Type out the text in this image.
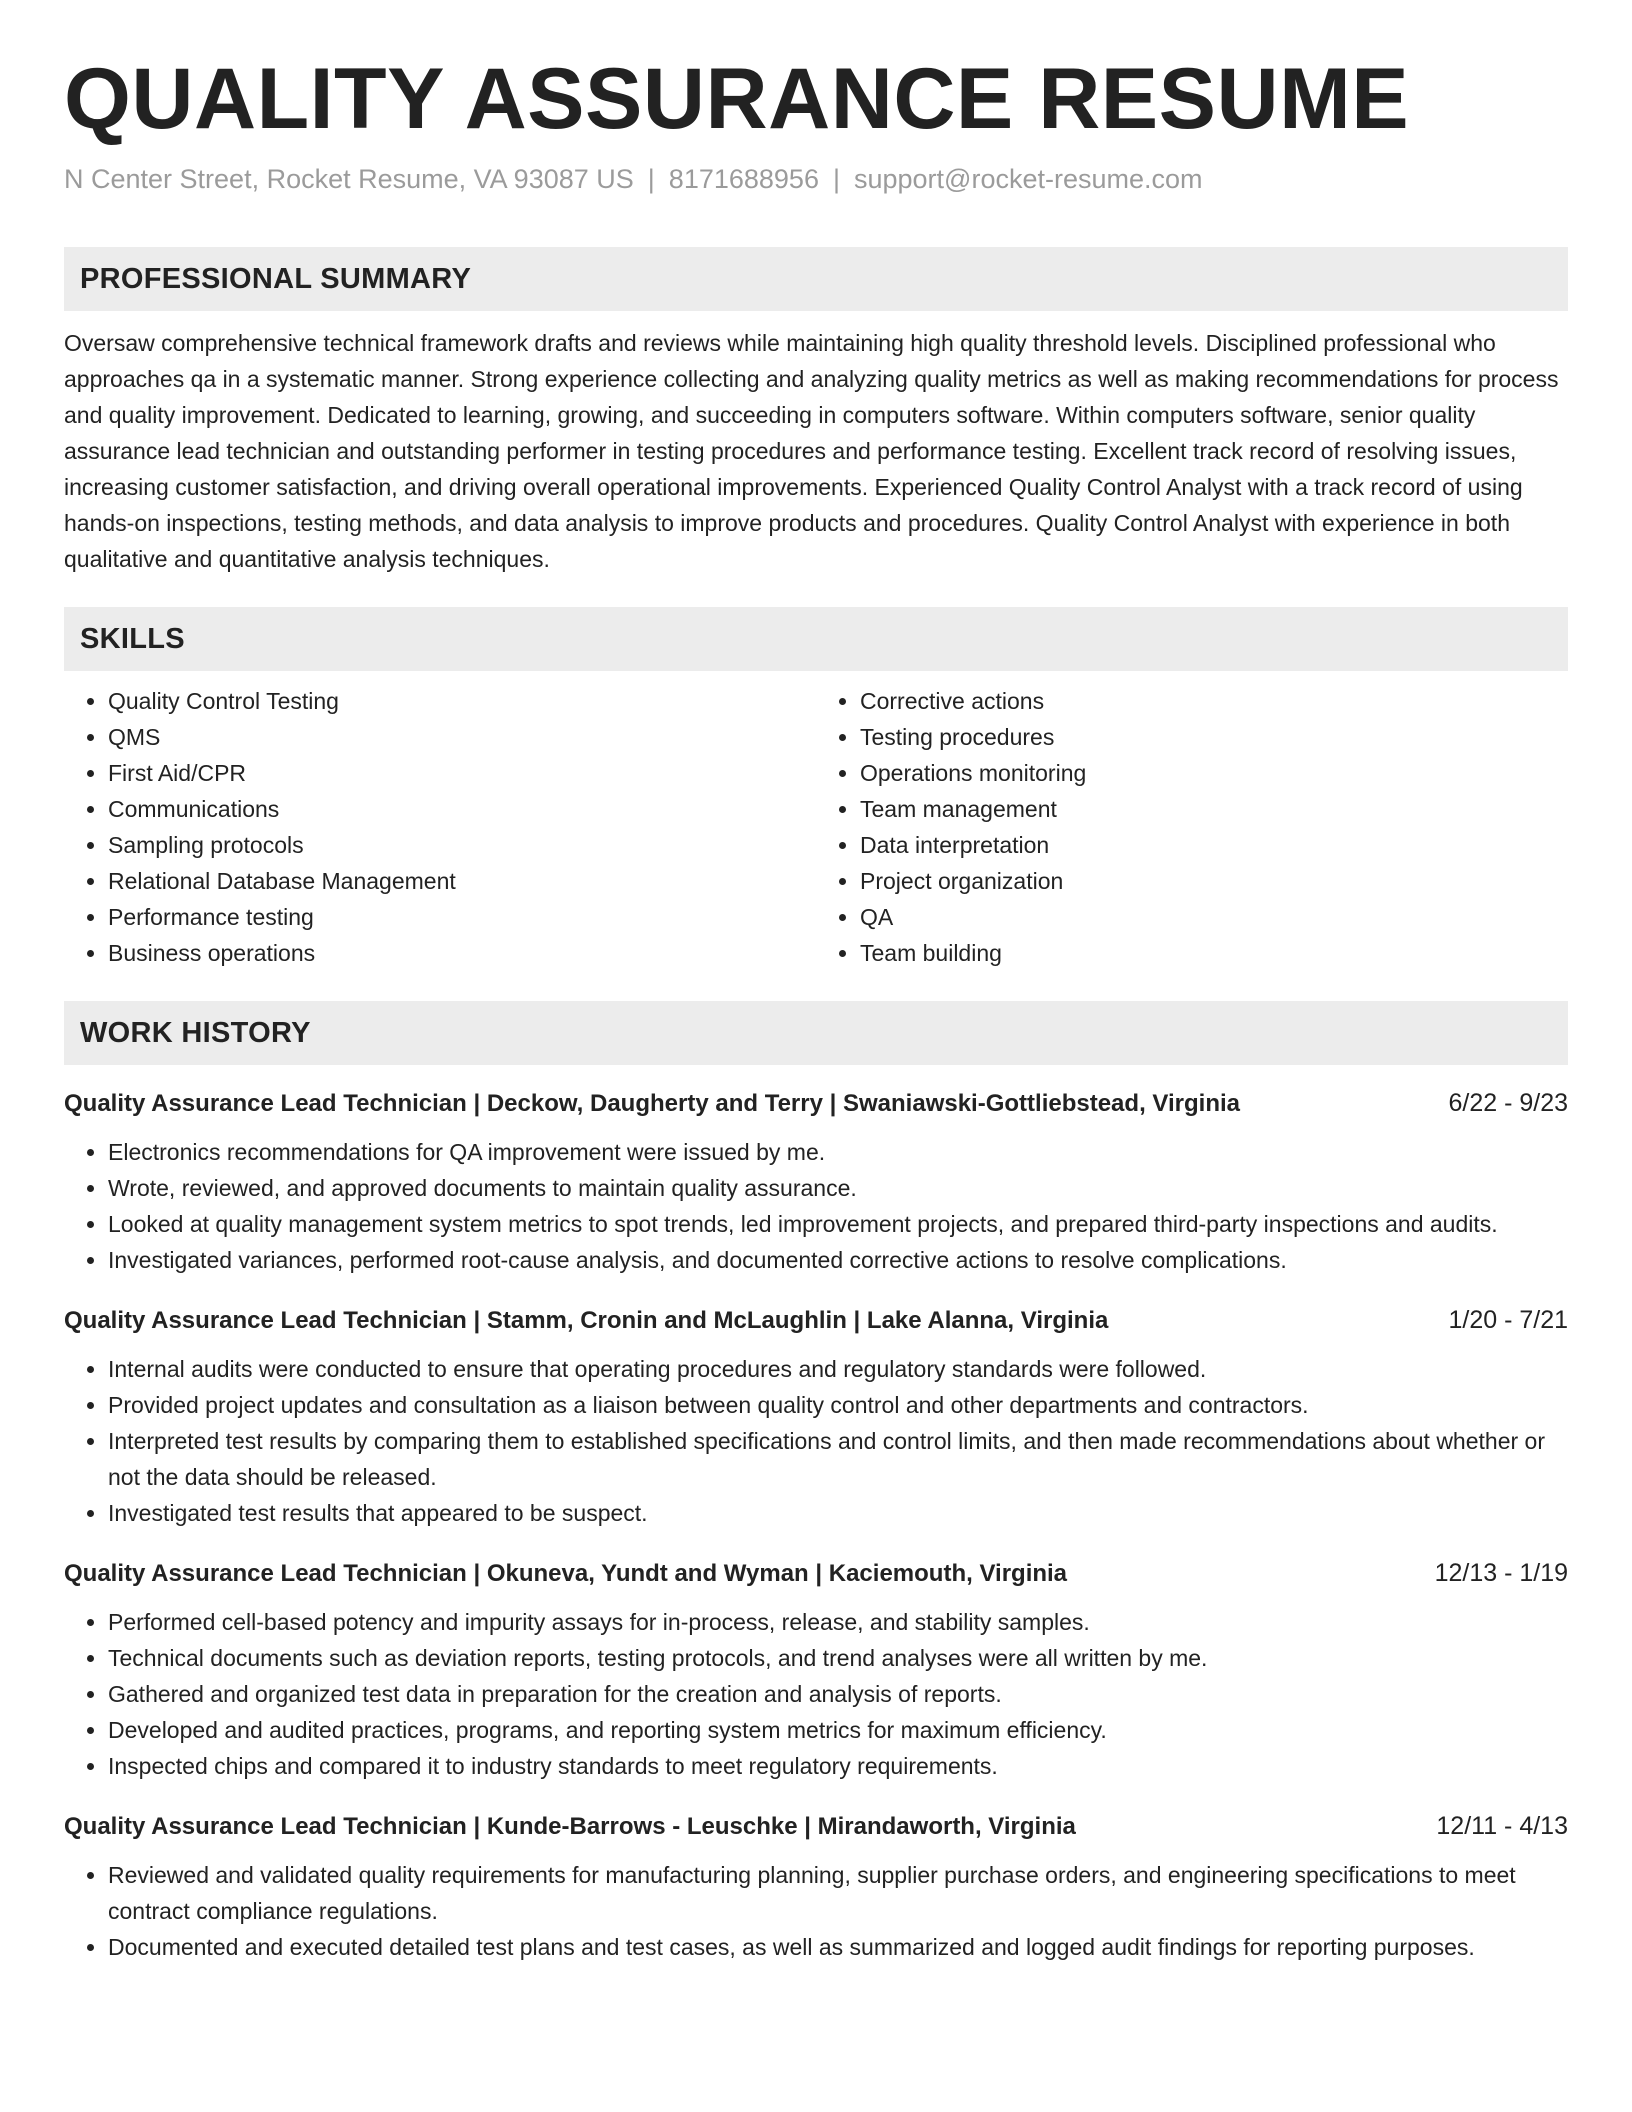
QUALITY ASSURANCE RESUME
N Center Street, Rocket Resume, VA 93087 US | 8171688956 | support@rocket-resume.com
PROFESSIONAL SUMMARY

Oversaw comprehensive technical framework drafts and reviews while maintaining high quality threshold levels. Disciplined professional who approaches qa in a systematic manner. Strong experience collecting and analyzing quality metrics as well as making recommendations for process and quality improvement. Dedicated to learning, growing, and succeeding in computers software. Within computers software, senior quality assurance lead technician and outstanding performer in testing procedures and performance testing. Excellent track record of resolving issues, increasing customer satisfaction, and driving overall operational improvements. Experienced Quality Control Analyst with a track record of using hands-on inspections, testing methods, and data analysis to improve products and procedures. Quality Control Analyst with experience in both qualitative and quantitative analysis techniques.

SKILLS
• Quality Control Testing
• QMS
• First Aid/CPR
• Communications
• Sampling protocols
• Relational Database Management
• Performance testing
• Business operations
• Corrective actions
• Testing procedures
• Operations monitoring
• Team management
• Data interpretation
• Project organization
• QA
• Team building
WORK HISTORY
Quality Assurance Lead Technician | Deckow, Daugherty and Terry | Swaniawski-Gottliebstead, Virginia	6/22 - 9/23
• Electronics recommendations for QA improvement were issued by me.
• Wrote, reviewed, and approved documents to maintain quality assurance.
• Looked at quality management system metrics to spot trends, led improvement projects, and prepared third-party inspections and audits.
• Investigated variances, performed root-cause analysis, and documented corrective actions to resolve complications.
Quality Assurance Lead Technician | Stamm, Cronin and McLaughlin | Lake Alanna, Virginia	1/20 - 7/21
• Internal audits were conducted to ensure that operating procedures and regulatory standards were followed.
• Provided project updates and consultation as a liaison between quality control and other departments and contractors.
• Interpreted test results by comparing them to established specifications and control limits, and then made recommendations about whether or not the data should be released.
• Investigated test results that appeared to be suspect.
Quality Assurance Lead Technician | Okuneva, Yundt and Wyman | Kaciemouth, Virginia	12/13 - 1/19
• Performed cell-based potency and impurity assays for in-process, release, and stability samples.
• Technical documents such as deviation reports, testing protocols, and trend analyses were all written by me.
• Gathered and organized test data in preparation for the creation and analysis of reports.
• Developed and audited practices, programs, and reporting system metrics for maximum efficiency.
• Inspected chips and compared it to industry standards to meet regulatory requirements.
Quality Assurance Lead Technician | Kunde-Barrows - Leuschke | Mirandaworth, Virginia	12/11 - 4/13
• Reviewed and validated quality requirements for manufacturing planning, supplier purchase orders, and engineering specifications to meet contract compliance regulations.
• Documented and executed detailed test plans and test cases, as well as summarized and logged audit findings for reporting purposes.
